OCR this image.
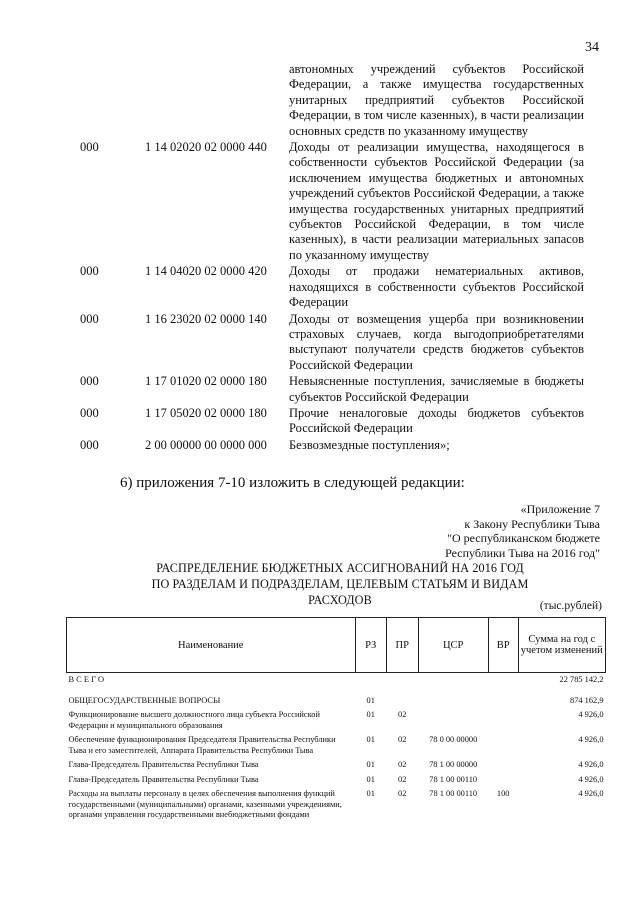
34
автономных учреждений субъектов Российской Федерации, а также имущества государственных унитарных предприятий субъектов Российской Федерации, в том числе казенных), в части реализации основных средств по указанному имуществу
000	1 14 02020 02 0000 440 Доходы от реализации имущества, находящегося в собственности субъектов Российской Федерации (за исключением имущества бюджетных и автономных учреждений субъектов Российской Федерации, а также имущества государственных унитарных предприятий субъектов Российской Федерации, в том числе казенных), в части реализации материальных запасов по указанному имуществу
000	1 14 04020 02 0000 420 Доходы от продажи нематериальных активов, находящихся в собственности субъектов Российской Федерации
000	1 16 23020 02 0000 140 Доходы от возмещения ущерба при возникновении страховых случаев, когда выгодоприобретателями выступают получатели средств бюджетов субъектов Российской Федерации
000	1 17 01020 02 0000 180 Невыясненные поступления, зачисляемые в бюджеты субъектов Российской Федерации
000	1 17 05020 02 0000 180 Прочие неналоговые доходы бюджетов субъектов Российской Федерации
000	2 00 00000 00 0000 000 Безвозмездные поступления»;
6) приложения 7-10 изложить в следующей редакции:
«Приложение 7
к Закону Республики Тыва
"О республиканском бюджете
Республики Тыва на 2016 год"
РАСПРЕДЕЛЕНИЕ БЮДЖЕТНЫХ АССИГНОВАНИЙ НА 2016 ГОД
ПО РАЗДЕЛАМ И ПОДРАЗДЕЛАМ, ЦЕЛЕВЫМ СТАТЬЯМ И ВИДАМ РАСХОДОВ	(тыс.рублей)
Наименование	РЗ	ПР	ЦСР	ВР	Сумма на год с учетом изменений
В С Е Г О					22 785 142,2

ОБЩЕГОСУДАРСТВЕННЫЕ ВОПРОСЫ	01				874 162,9
Функционирование высшего должностного лица субъекта Российской Федерации и муниципального образования	01	02			4 926,0
Обеспечение функционирования Председателя Правительства Республики Тыва и его заместителей, Аппарата Правительства Республики Тыва	01	02	78 0 00 00000		4 926,0
Глава-Председатель Правительства Республики Тыва	01	02	78 1 00 00000		4 926,0
Глава-Председатель Правительства Республики Тыва	01	02	78 1 00 00110		4 926,0
Расходы на выплаты персоналу в целях обеспечения выполнения функций государственными (муниципальными) органами, казенными учреждениями, органами управления государственными внебюджетными фондами	01	02	78 1 00 00110	100	4 926,0
